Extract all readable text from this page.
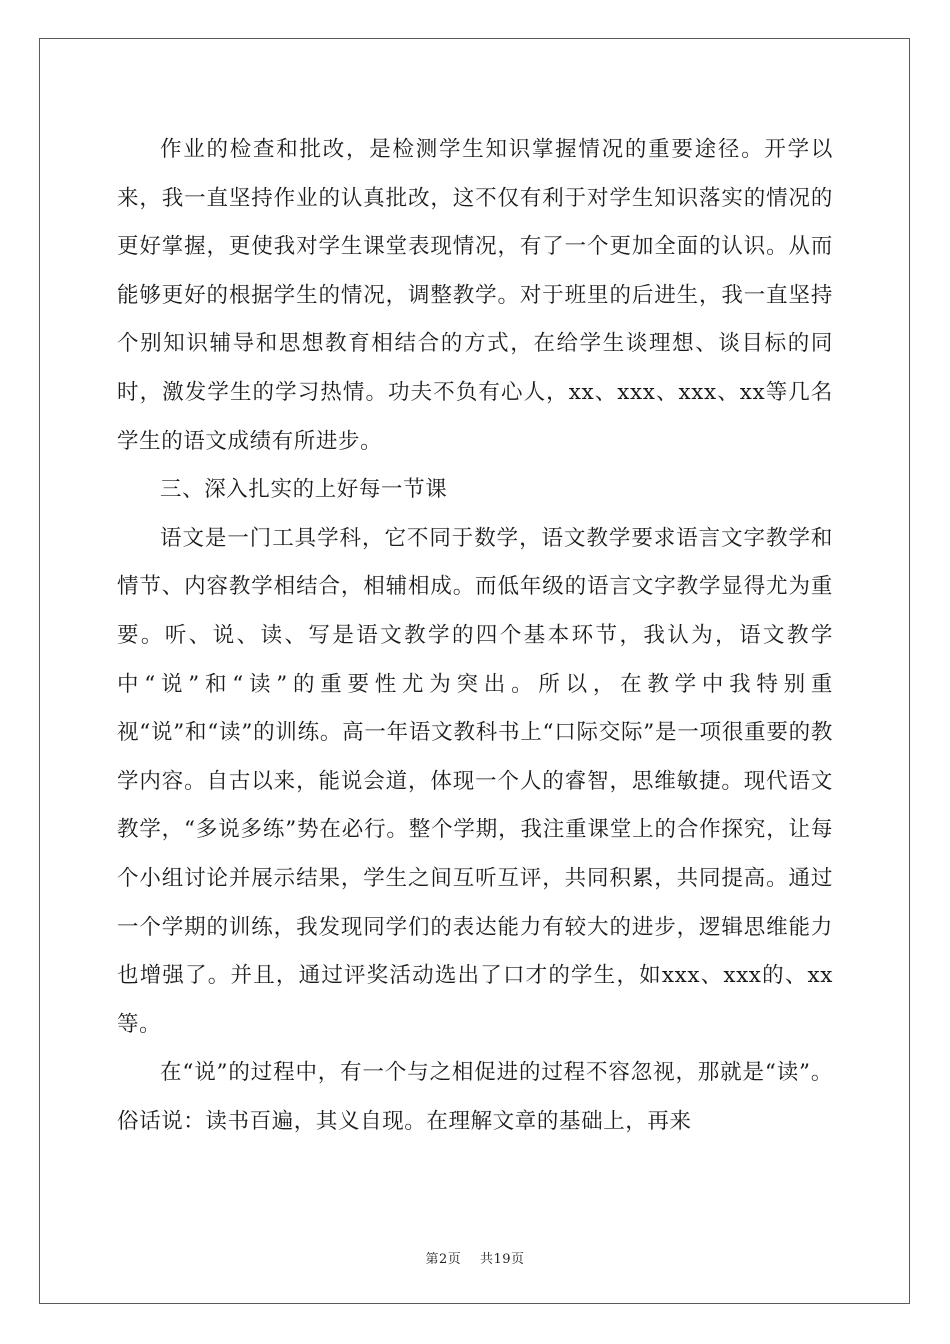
作业的检查和批改，是检测学生知识掌握情况的重要途径。开学以来，我一直坚持作业的认真批改，这不仅有利于对学生知识落实的情况的更好掌握，更使我对学生课堂表现情况，有了一个更加全面的认识。从而能够更好的根据学生的情况，调整教学。对于班里的后进生，我一直坚持个别知识辅导和思想教育相结合的方式，在给学生谈理想、谈目标的同时，激发学生的学习热情。功夫不负有心人，xx、xxx、xxx、xx等几名学生的语文成绩有所进步。

三、深入扎实的上好每一节课

语文是一门工具学科，它不同于数学，语文教学要求语言文字教学和情节、内容教学相结合，相辅相成。而低年级的语言文字教学显得尤为重要。听、说、读、写是语文教学的四个基本环节，我认为，语文教学中“说”和“读”的重要性尤为突出。所以，在教学中我特别重视“说”和“读”的训练。高一年语文教科书上“口际交际”是一项很重要的教学内容。自古以来，能说会道，体现一个人的睿智，思维敏捷。现代语文教学，“多说多练”势在必行。整个学期，我注重课堂上的合作探究，让每个小组讨论并展示结果，学生之间互听互评，共同积累，共同提高。通过一个学期的训练，我发现同学们的表达能力有较大的进步，逻辑思维能力也增强了。并且，通过评奖活动选出了口才的学生，如xxx、xxx的、xx等。

在“说”的过程中，有一个与之相促进的过程不容忽视，那就是“读”。俗话说：读书百遍，其义自现。在理解文章的基础上，再来

第2页 共19页
